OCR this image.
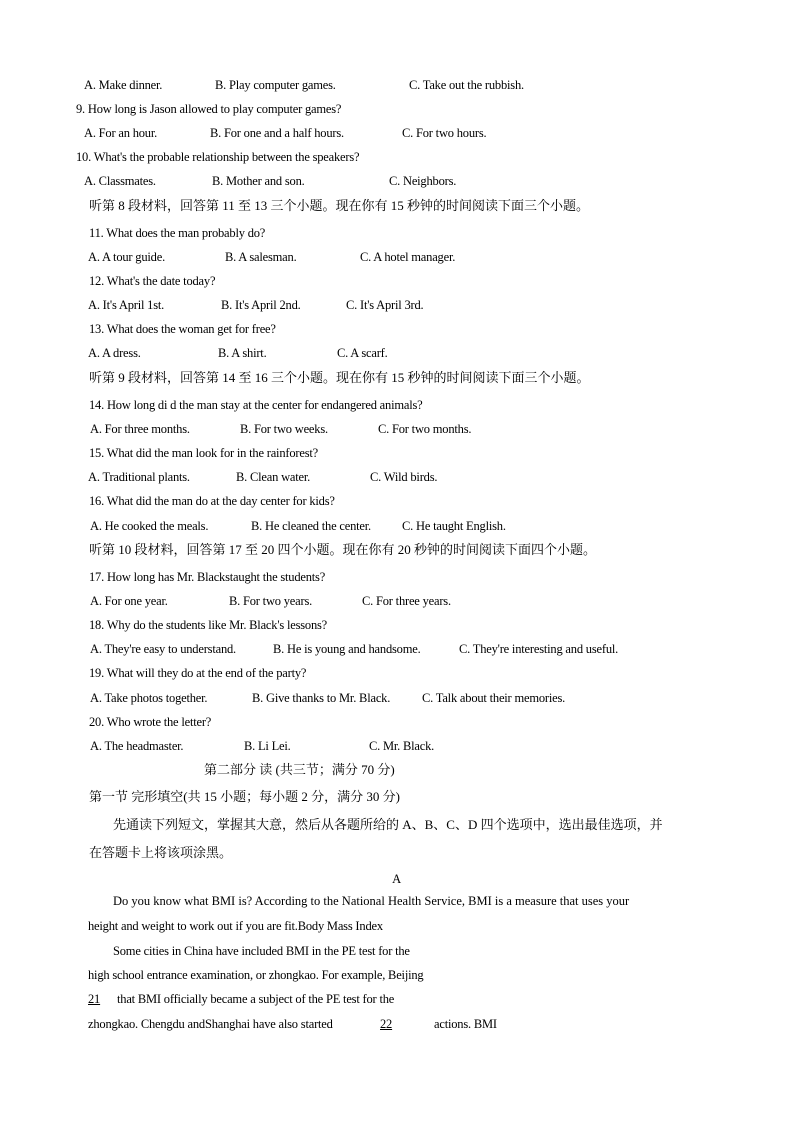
A. Make dinner.	B. Play computer games.	C. Take out the rubbish.
9. How long is Jason allowed to play computer games?
A. For an hour.	B. For one and a half hours.	C. For two hours.
10. What's the probable relationship between the speakers?
A. Classmates.	B. Mother and son.	C. Neighbors.
听第 8 段材料，回答第 11 至 13 三个小题。现在你有 15 秒钟的时间阅读下面三个小题。
11. What does the man probably do?
A. A tour guide.	B. A salesman.	C. A hotel manager.
12. What's the date today?
A. It's April 1st.	B. It's April 2nd.	C. It's April 3rd.
13. What does the woman get for free?
A. A dress.	B. A shirt.	C. A scarf.
听第 9 段材料，回答第 14 至 16 三个小题。现在你有 15 秒钟的时间阅读下面三个小题。
14. How long di d the man stay at the center for endangered animals?
A. For three months.	B. For two weeks.	C. For two months.
15. What did the man look for in the rainforest?
A. Traditional plants.	B. Clean water.	C. Wild birds.
16. What did the man do at the day center for kids?
A. He cooked the meals.	B. He cleaned the center. C. He taught English.
听第 10 段材料，回答第 17 至 20 四个小题。现在你有 20 秒钟的时间阅读下面四个小题。
17. How long has Mr. Blackstaught the students?
A. For one year.	B. For two years.	C. For three years.
18. Why do the students like Mr. Black's lessons?
A. They're easy to understand.	B. He is young and handsome.	C. They're interesting and useful.
19. What will they do at the end of the party?
A. Take photos together.	B. Give thanks to Mr. Black.	C. Talk about their memories.
20. Who wrote the letter?
A. The headmaster.	B. Li Lei.	C. Mr. Black.
第二部分 读 (共三节；满分 70 分)
第一节 完形填空(共 15 小题；每小题 2 分，满分 30 分)
先通读下列短文，掌握其大意，然后从各题所给的 A、B、C、D 四个选项中，选出最佳选项，并
在答题卡上将该项涂黑。
A
Do you know what BMI is? According to the National Health Service, BMI is a measure that uses your
height and weight to work out if you are fit.Body Mass Index
Some cities in China have included BMI in the PE test for the
high school entrance examination, or zhongkao. For example, Beijing
21 that BMI officially became a subject of the PE test for the
zhongkao. Chengdu andShanghai have also started	22	actions. BMI
